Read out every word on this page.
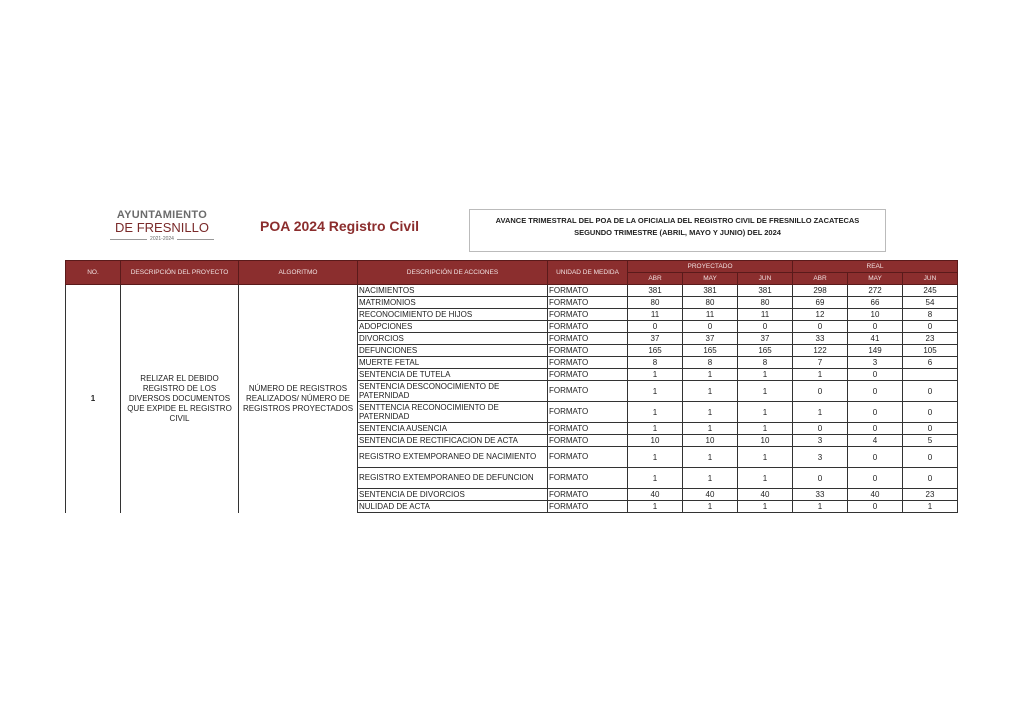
AYUNTAMIENTO
DE FRESNILLO
2021-2024
POA 2024 Registro Civil	AVANCE TRIMESTRAL DEL POA DE LA OFICIALIA DEL REGISTRO CIVIL DE FRESNILLO ZACATECAS
SEGUNDO TRIMESTRE (ABRIL, MAYO Y JUNIO) DEL 2024
NO.	DESCRIPCIÓN DEL PROYECTO	ALGORITMO	DESCRIPCIÓN DE ACCIONES	UNIDAD DE MEDIDA	PROYECTADO			REAL		
					ABR	MAY	JUN	ABR	MAY	JUN
1	RELIZAR EL DEBIDO REGISTRO DE LOS DIVERSOS DOCUMENTOS QUE EXPIDE EL REGISTRO CIVIL	NÚMERO DE REGISTROS REALIZADOS/ NÚMERO DE REGISTROS PROYECTADOS	NACIMIENTOS	FORMATO	381	381	381	298	272	245
			MATRIMONIOS	FORMATO	80	80	80	69	66	54
			RECONOCIMIENTO DE HIJOS	FORMATO	11	11	11	12	10	8
			ADOPCIONES	FORMATO	0	0	0	0	0	0
			DIVORCIOS	FORMATO	37	37	37	33	41	23
			DEFUNCIONES	FORMATO	165	165	165	122	149	105
			MUERTE FETAL	FORMATO	8	8	8	7	3	6
			SENTENCIA DE TUTELA	FORMATO	1	1	1	1	0	
			SENTENCIA DESCONOCIMIENTO DE PATERNIDAD	FORMATO	1	1	1	0	0	0
			SENTTENCIA RECONOCIMIENTO DE PATERNIDAD	FORMATO	1	1	1	1	0	0
			SENTENCIA AUSENCIA	FORMATO	1	1	1	0	0	0
			SENTENCIA DE RECTIFICACION DE ACTA	FORMATO	10	10	10	3	4	5
			REGISTRO EXTEMPORANEO DE NACIMIENTO	FORMATO	1	1	1	3	0	0
			REGISTRO EXTEMPORANEO DE DEFUNCION	FORMATO	1	1	1	0	0	0
			SENTENCIA DE DIVORCIOS	FORMATO	40	40	40	33	40	23
			NULIDAD DE ACTA	FORMATO	1	1	1	1	0	1
